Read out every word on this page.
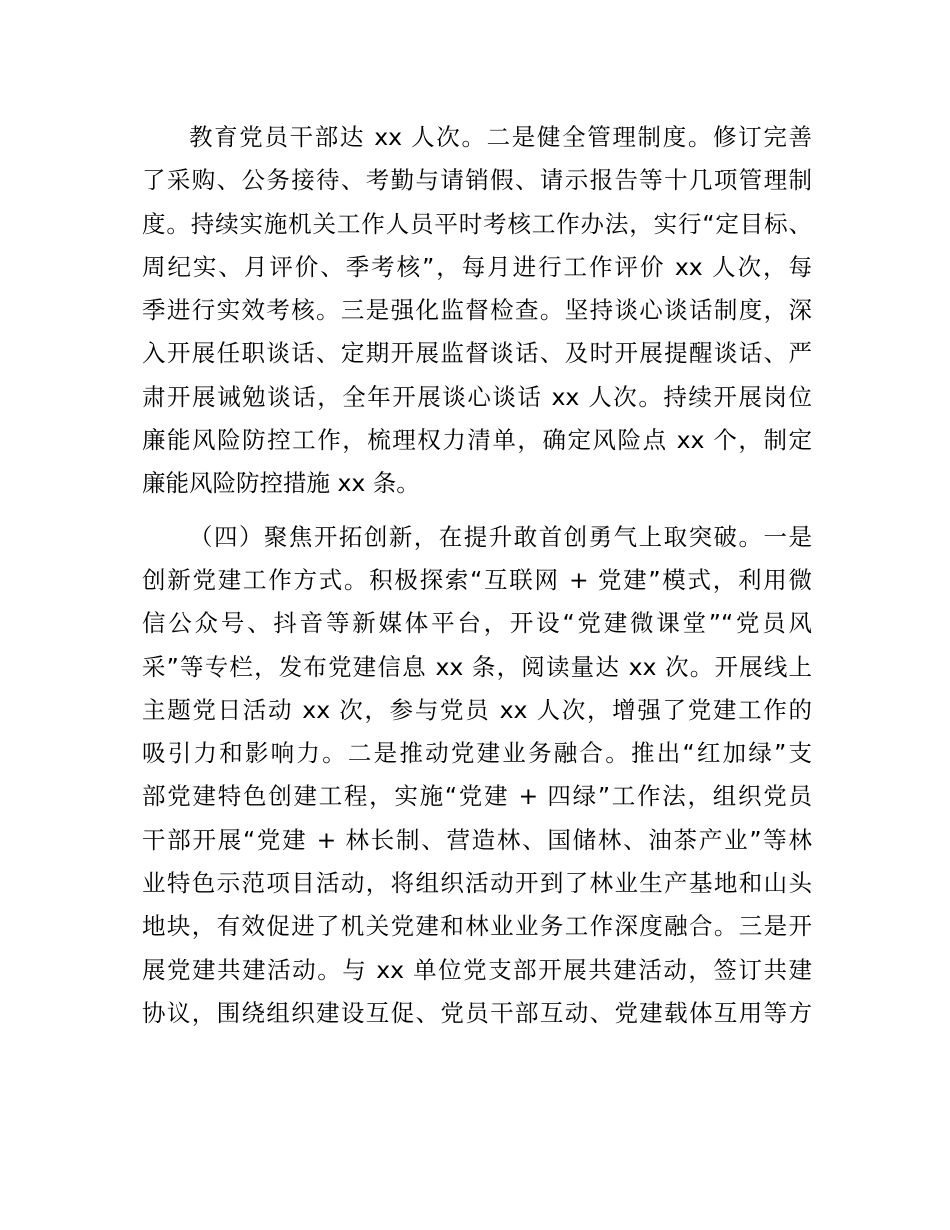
教育党员干部达 xx 人次。二是健全管理制度。修订完善
了采购、公务接待、考勤与请销假、请示报告等十几项管理制
度。持续实施机关工作人员平时考核工作办法，实行“定目标、
周纪实、月评价、季考核”，每月进行工作评价 xx 人次，每
季进行实效考核。三是强化监督检查。坚持谈心谈话制度，深
入开展任职谈话、定期开展监督谈话、及时开展提醒谈话、严
肃开展诫勉谈话，全年开展谈心谈话 xx 人次。持续开展岗位
廉能风险防控工作，梳理权力清单，确定风险点 xx 个，制定
廉能风险防控措施 xx 条。
（四）聚焦开拓创新，在提升敢首创勇气上取突破。一是
创新党建工作方式。积极探索“互联网 + 党建”模式，利用微
信公众号、抖音等新媒体平台，开设“党建微课堂”“党员风
采”等专栏，发布党建信息 xx 条，阅读量达 xx 次。开展线上
主题党日活动 xx 次，参与党员 xx 人次，增强了党建工作的
吸引力和影响力。二是推动党建业务融合。推出“红加绿”支
部党建特色创建工程，实施“党建 + 四绿”工作法，组织党员
干部开展“党建 + 林长制、营造林、国储林、油茶产业”等林
业特色示范项目活动，将组织活动开到了林业生产基地和山头
地块，有效促进了机关党建和林业业务工作深度融合。三是开
展党建共建活动。与 xx 单位党支部开展共建活动，签订共建
协议，围绕组织建设互促、党员干部互动、党建载体互用等方
